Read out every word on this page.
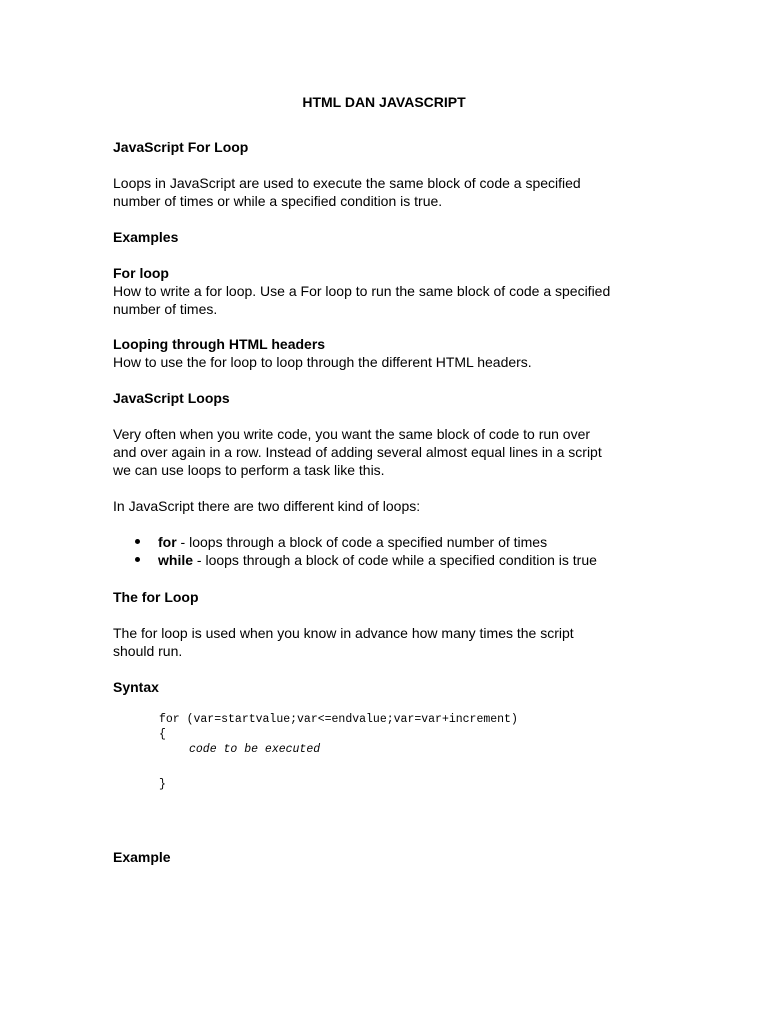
HTML DAN JAVASCRIPT
JavaScript For Loop
Loops in JavaScript are used to execute the same block of code a specified
number of times or while a specified condition is true.
Examples
For loop
How to write a for loop. Use a For loop to run the same block of code a specified
number of times.
Looping through HTML headers
How to use the for loop to loop through the different HTML headers.
JavaScript Loops
Very often when you write code, you want the same block of code to run over
and over again in a row. Instead of adding several almost equal lines in a script
we can use loops to perform a task like this.
In JavaScript there are two different kind of loops:
for - loops through a block of code a specified number of times
while - loops through a block of code while a specified condition is true
The for Loop
The for loop is used when you know in advance how many times the script
should run.
Syntax
for (var=startvalue;var<=endvalue;var=var+increment)
{
code to be executed
}
Example
